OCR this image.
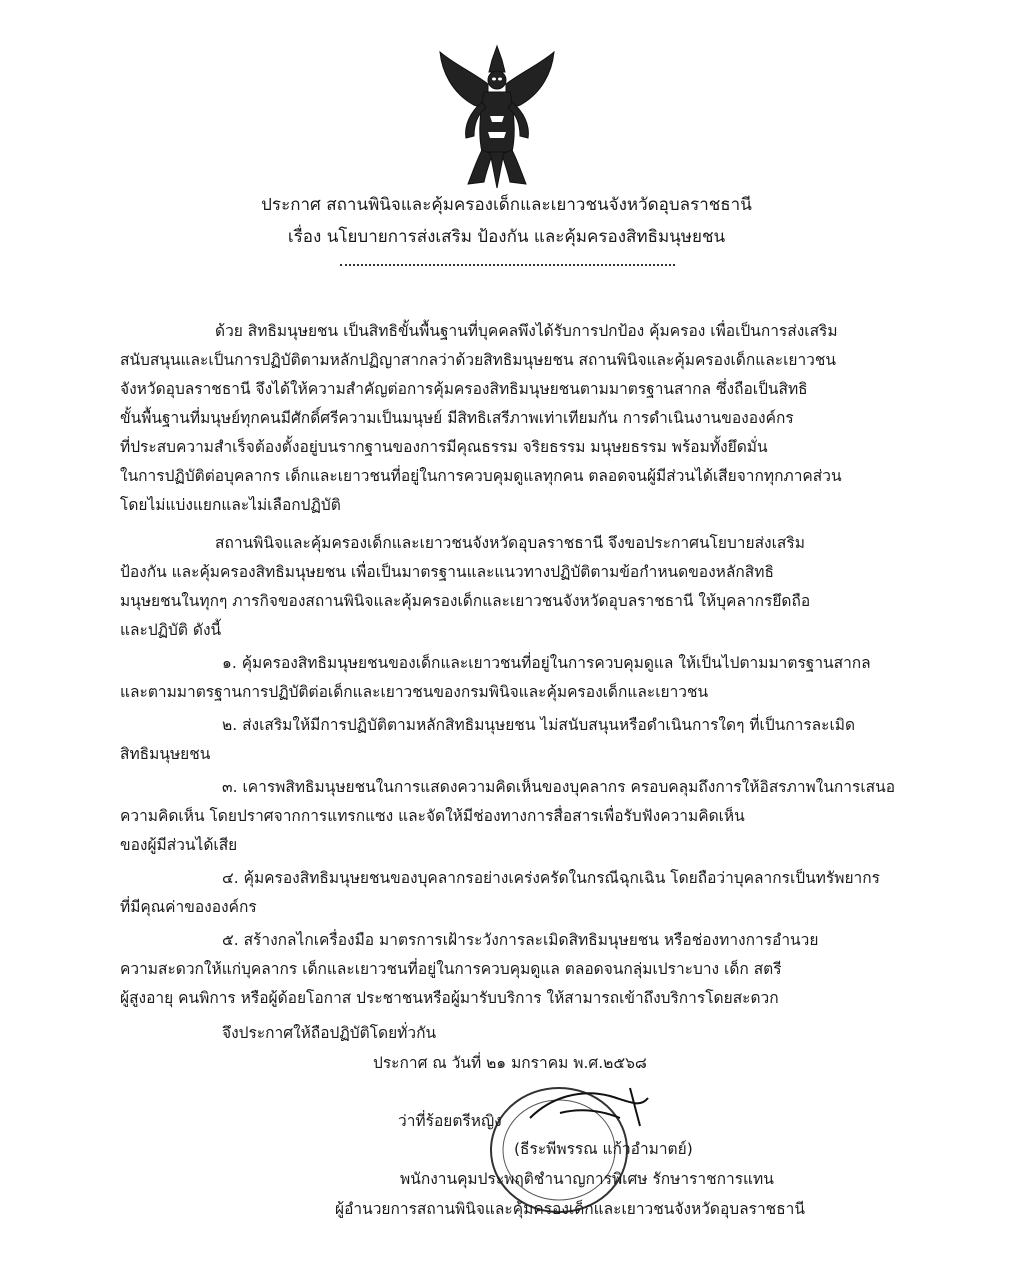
ประกาศ สถานพินิจและคุ้มครองเด็กและเยาวชนจังหวัดอุบลราชธานี
เรื่อง นโยบายการส่งเสริม ป้องกัน และคุ้มครองสิทธิมนุษยชน
ด้วย สิทธิมนุษยชน เป็นสิทธิขั้นพื้นฐานที่บุคคลพึงได้รับการปกป้อง คุ้มครอง เพื่อเป็นการส่งเสริม
สนับสนุนและเป็นการปฏิบัติตามหลักปฏิญาสากลว่าด้วยสิทธิมนุษยชน สถานพินิจและคุ้มครองเด็กและเยาวชน
จังหวัดอุบลราชธานี จึงได้ให้ความสำคัญต่อการคุ้มครองสิทธิมนุษยชนตามมาตรฐานสากล ซึ่งถือเป็นสิทธิ
ขั้นพื้นฐานที่มนุษย์ทุกคนมีศักดิ์ศรีความเป็นมนุษย์ มีสิทธิเสรีภาพเท่าเทียมกัน การดำเนินงานขององค์กร
ที่ประสบความสำเร็จต้องตั้งอยู่บนรากฐานของการมีคุณธรรม จริยธรรม มนุษยธรรม พร้อมทั้งยึดมั่น
ในการปฏิบัติต่อบุคลากร เด็กและเยาวชนที่อยู่ในการควบคุมดูแลทุกคน ตลอดจนผู้มีส่วนได้เสียจากทุกภาคส่วน
โดยไม่แบ่งแยกและไม่เลือกปฏิบัติ
สถานพินิจและคุ้มครองเด็กและเยาวชนจังหวัดอุบลราชธานี จึงขอประกาศนโยบายส่งเสริม
ป้องกัน และคุ้มครองสิทธิมนุษยชน เพื่อเป็นมาตรฐานและแนวทางปฏิบัติตามข้อกำหนดของหลักสิทธิ
มนุษยชนในทุกๆ ภารกิจของสถานพินิจและคุ้มครองเด็กและเยาวชนจังหวัดอุบลราชธานี ให้บุคลากรยึดถือ
และปฏิบัติ ดังนี้
๑. คุ้มครองสิทธิมนุษยชนของเด็กและเยาวชนที่อยู่ในการควบคุมดูแล ให้เป็นไปตามมาตรฐานสากล
และตามมาตรฐานการปฏิบัติต่อเด็กและเยาวชนของกรมพินิจและคุ้มครองเด็กและเยาวชน
๒. ส่งเสริมให้มีการปฏิบัติตามหลักสิทธิมนุษยชน ไม่สนับสนุนหรือดำเนินการใดๆ ที่เป็นการละเมิด
สิทธิมนุษยชน
๓. เคารพสิทธิมนุษยชนในการแสดงความคิดเห็นของบุคลากร ครอบคลุมถึงการให้อิสรภาพในการเสนอ
ความคิดเห็น โดยปราศจากการแทรกแซง และจัดให้มีช่องทางการสื่อสารเพื่อรับฟังความคิดเห็น
ของผู้มีส่วนได้เสีย
๔. คุ้มครองสิทธิมนุษยชนของบุคลากรอย่างเคร่งครัดในกรณีฉุกเฉิน โดยถือว่าบุคลากรเป็นทรัพยากร
ที่มีคุณค่าขององค์กร
๕. สร้างกลไกเครื่องมือ มาตรการเฝ้าระวังการละเมิดสิทธิมนุษยชน หรือช่องทางการอำนวย
ความสะดวกให้แก่บุคลากร เด็กและเยาวชนที่อยู่ในการควบคุมดูแล ตลอดจนกลุ่มเปราะบาง เด็ก สตรี
ผู้สูงอายุ คนพิการ หรือผู้ด้อยโอกาส ประชาชนหรือผู้มารับบริการ ให้สามารถเข้าถึงบริการโดยสะดวก
จึงประกาศให้ถือปฏิบัติโดยทั่วกัน
ประกาศ ณ วันที่ ๒๑ มกราคม พ.ศ.๒๕๖๘
ว่าที่ร้อยตรีหญิง
(ธีระพีพรรณ แก้วอำมาตย์)
พนักงานคุมประพฤติชำนาญการพิเศษ รักษาราชการแทน
ผู้อำนวยการสถานพินิจและคุ้มครองเด็กและเยาวชนจังหวัดอุบลราชธานี
